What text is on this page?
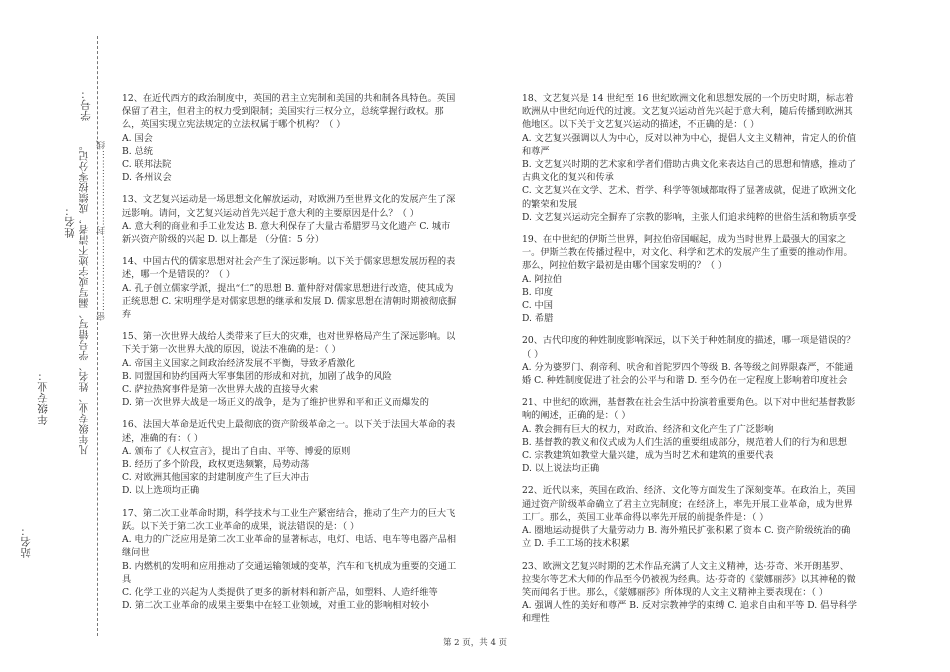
密……………………封……………………线
学号：
凡年级专业、姓名、学号错写、漏写或字迹不清者，成绩按零分记。
姓名：
年级专业：
站名：
12、在近代西方的政治制度中，英国的君主立宪制和美国的共和制各具特色。英国保留了君主，但君主的权力受到限制；美国实行三权分立，总统掌握行政权。那么，英国实现立宪法规定的立法权属于哪个机构？（ ）
A. 国会
B. 总统
C. 联邦法院
D. 各州议会
13、文艺复兴运动是一场思想文化解放运动，对欧洲乃至世界文化的发展产生了深远影响。请问，文艺复兴运动首先兴起于意大利的主要原因是什么？（ ）
A. 意大利的商业和手工业发达 B. 意大利保存了大量古希腊罗马文化遗产 C. 城市新兴资产阶级的兴起 D. 以上都是 （分值：5 分）
14、中国古代的儒家思想对社会产生了深远影响。以下关于儒家思想发展历程的表述，哪一个是错误的？（ ）
A. 孔子创立儒家学派，提出“仁”的思想 B. 董仲舒对儒家思想进行改造，使其成为正统思想 C. 宋明理学是对儒家思想的继承和发展 D. 儒家思想在清朝时期被彻底摒弃
15、第一次世界大战给人类带来了巨大的灾难，也对世界格局产生了深远影响。以下关于第一次世界大战的原因，说法不准确的是：（ ）
A. 帝国主义国家之间政治经济发展不平衡，导致矛盾激化
B. 同盟国和协约国两大军事集团的形成和对抗，加剧了战争的风险
C. 萨拉热窝事件是第一次世界大战的直接导火索
D. 第一次世界大战是一场正义的战争，是为了维护世界和平和正义而爆发的
16、法国大革命是近代史上最彻底的资产阶级革命之一。以下关于法国大革命的表述，准确的有：（ ）
A. 颁布了《人权宣言》，提出了自由、平等、博爱的原则
B. 经历了多个阶段，政权更迭频繁，局势动荡
C. 对欧洲其他国家的封建制度产生了巨大冲击
D. 以上选项均正确
17、第二次工业革命时期，科学技术与工业生产紧密结合，推动了生产力的巨大飞跃。以下关于第二次工业革命的成果，说法错误的是：（ ）
A. 电力的广泛应用是第二次工业革命的显著标志，电灯、电话、电车等电器产品相继问世
B. 内燃机的发明和应用推动了交通运输领域的变革，汽车和飞机成为重要的交通工具
C. 化学工业的兴起为人类提供了更多的新材料和新产品，如塑料、人造纤维等
D. 第二次工业革命的成果主要集中在轻工业领域，对重工业的影响相对较小
18、文艺复兴是 14 世纪至 16 世纪欧洲文化和思想发展的一个历史时期，标志着欧洲从中世纪向近代的过渡。文艺复兴运动首先兴起于意大利，随后传播到欧洲其他地区。以下关于文艺复兴运动的描述，不正确的是：（ ）
A. 文艺复兴强调以人为中心，反对以神为中心，提倡人文主义精神，肯定人的价值和尊严
B. 文艺复兴时期的艺术家和学者们借助古典文化来表达自己的思想和情感，推动了古典文化的复兴和传承
C. 文艺复兴在文学、艺术、哲学、科学等领域都取得了显著成就，促进了欧洲文化的繁荣和发展
D. 文艺复兴运动完全摒弃了宗教的影响，主张人们追求纯粹的世俗生活和物质享受
19、在中世纪的伊斯兰世界，阿拉伯帝国崛起，成为当时世界上最强大的国家之一。伊斯兰教在传播过程中，对文化、科学和艺术的发展产生了重要的推动作用。那么，阿拉伯数字最初是由哪个国家发明的？（ ）
A. 阿拉伯
B. 印度
C. 中国
D. 希腊
20、古代印度的种姓制度影响深远，以下关于种姓制度的描述，哪一项是错误的？（ ）
A. 分为婆罗门、刹帝利、吠舍和首陀罗四个等级 B. 各等级之间界限森严，不能通婚 C. 种姓制度促进了社会的公平与和谐 D. 至今仍在一定程度上影响着印度社会
21、中世纪的欧洲，基督教在社会生活中扮演着重要角色。以下对中世纪基督教影响的阐述，正确的是：（ ）
A. 教会拥有巨大的权力，对政治、经济和文化产生了广泛影响
B. 基督教的教义和仪式成为人们生活的重要组成部分，规范着人们的行为和思想
C. 宗教建筑如教堂大量兴建，成为当时艺术和建筑的重要代表
D. 以上说法均正确
22、近代以来，英国在政治、经济、文化等方面发生了深刻变革。在政治上，英国通过资产阶级革命确立了君主立宪制度；在经济上，率先开展工业革命，成为世界工厂。那么，英国工业革命得以率先开展的前提条件是：（ ）
A. 圈地运动提供了大量劳动力 B. 海外殖民扩张积累了资本 C. 资产阶级统治的确立 D. 手工工场的技术积累
23、欧洲文艺复兴时期的艺术作品充满了人文主义精神，达·芬奇、米开朗基罗、拉斐尔等艺术大师的作品至今仍被视为经典。达·芬奇的《蒙娜丽莎》以其神秘的微笑而闻名于世。那么，《蒙娜丽莎》所体现的人文主义精神主要表现在：（ ）
A. 强调人性的美好和尊严 B. 反对宗教神学的束缚 C. 追求自由和平等 D. 倡导科学和理性
第 2 页，共 4 页
